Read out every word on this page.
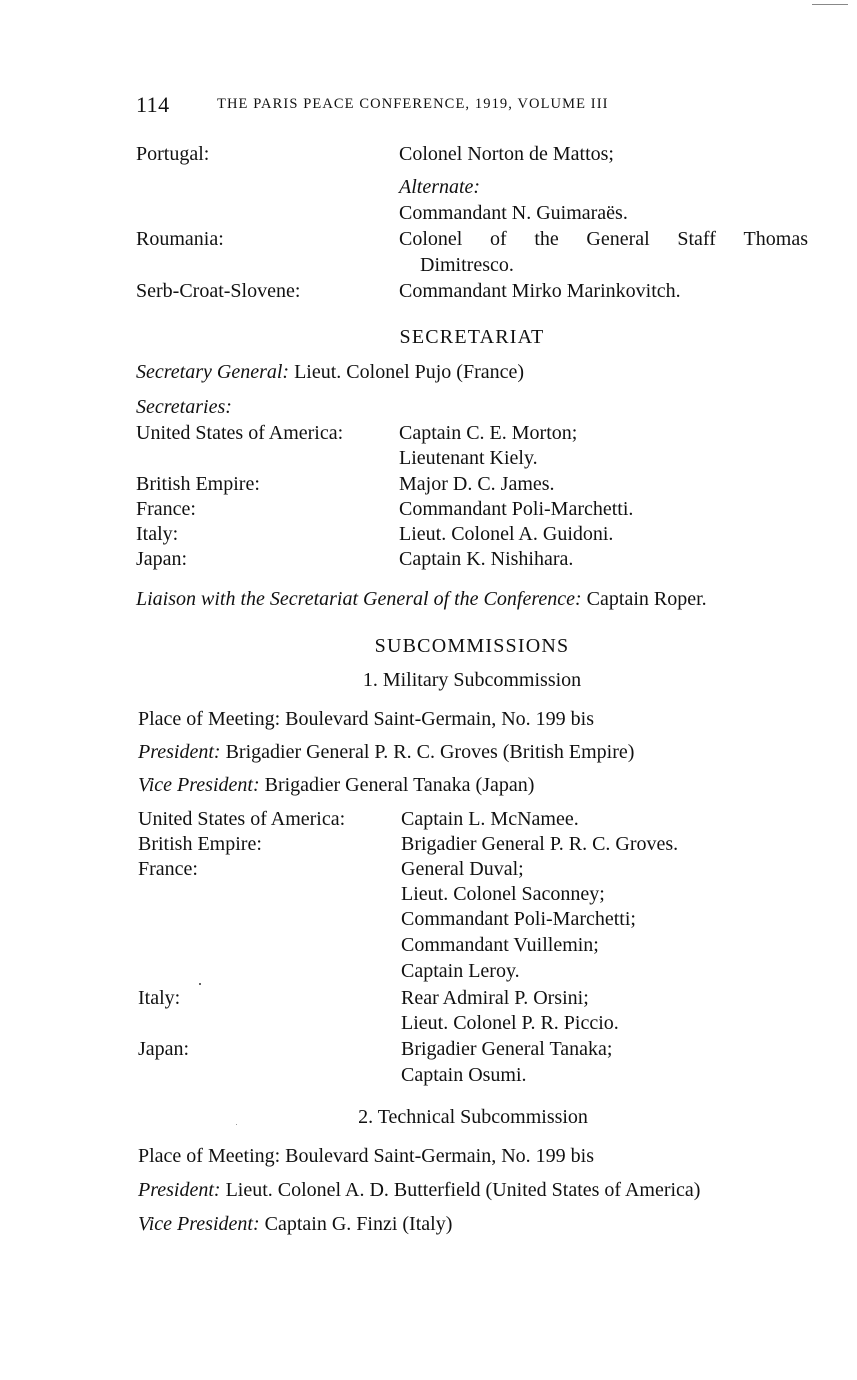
114	THE PARIS PEACE CONFERENCE, 1919, VOLUME III
Portugal:	Colonel Norton de Mattos;
Alternate:
Commandant N. Guimaraës.
Roumania:	Colonel of the General Staff Thomas
Dimitresco.
Serb-Croat-Slovene:	Commandant Mirko Marinkovitch.
SECRETARIAT
Secretary General: Lieut. Colonel Pujo (France)
Secretaries:
United States of America:	Captain C. E. Morton;
Lieutenant Kiely.
British Empire:	Major D. C. James.
France:	Commandant Poli-Marchetti.
Italy:	Lieut. Colonel A. Guidoni.
Japan:	Captain K. Nishihara.
Liaison with the Secretariat General of the Conference: Captain Roper.
SUBCOMMISSIONS
1. Military Subcommission
Place of Meeting: Boulevard Saint-Germain, No. 199 bis
President: Brigadier General P. R. C. Groves (British Empire)
Vice President: Brigadier General Tanaka (Japan)
United States of America:	Captain L. McNamee.
British Empire:	Brigadier General P. R. C. Groves.
France:	General Duval;
Lieut. Colonel Saconney;
Commandant Poli-Marchetti;
Commandant Vuillemin;
Captain Leroy.
Italy:	Rear Admiral P. Orsini;
Lieut. Colonel P. R. Piccio.
Japan:	Brigadier General Tanaka;
Captain Osumi.
2. Technical Subcommission
Place of Meeting: Boulevard Saint-Germain, No. 199 bis
President: Lieut. Colonel A. D. Butterfield (United States of America)
Vice President: Captain G. Finzi (Italy)
